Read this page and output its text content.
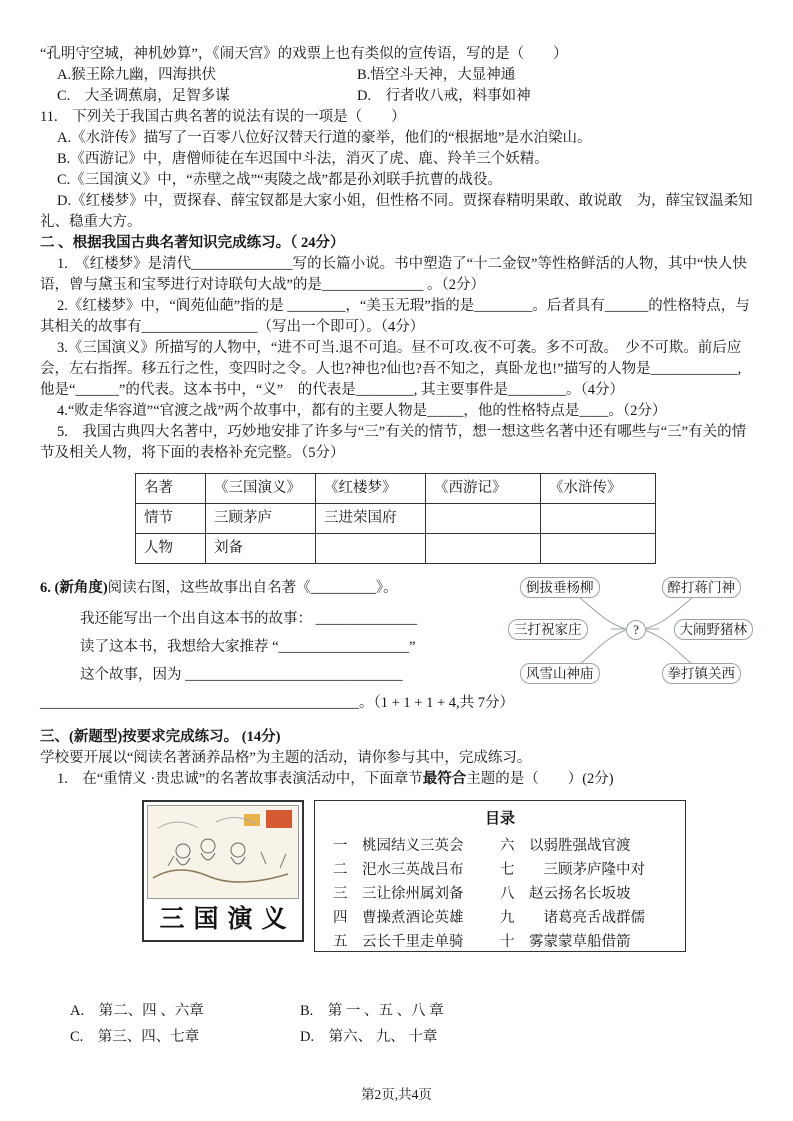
“孔明守空城，神机妙算”，《闹天宫》的戏票上也有类似的宣传语，写的是（　　）

A.猴王除九幽，四海拱伏	B.悟空斗天神，大显神通
C.　大圣调蕉扇，足智多谋	D.　行者收八戒，料事如神

11.　下列关于我国古典名著的说法有误的一项是（　　）

A.《水浒传》描写了一百零八位好汉替天行道的豪举，他们的“根据地”是水泊梁山。

B.《西游记》中，唐僧师徒在车迟国中斗法，消灭了虎、鹿、羚羊三个妖精。

C.《三国演义》中，“赤壁之战”“夷陵之战”都是孙刘联手抗曹的战役。

D.《红楼梦》中，贾探春、薛宝钗都是大家小姐，但性格不同。贾探春精明果敢、敢说敢　为，薛宝钗温柔知礼、稳重大方。

二 、根据我国古典名著知识完成练习。（ 24分）

1.　《红楼梦》是清代______________写的长篇小说。书中塑造了“十二金钗”等性格鲜活的人物，其中“快人快语，曾与黛玉和宝琴进行对诗联句大战”的是______________ 。（2分）

2.《红楼梦》中，“阆苑仙葩”指的是 ________，“美玉无瑕”指的是________。后者具有______的性格特点，与其相关的故事有________________（写出一个即可）。（4分）

3.《三国演义》所描写的人物中，“进不可当.退不可追。昼不可攻.夜不可袭。多不可敌。　少不可欺。前后应会，左右指挥。移五行之性，变四时之令。人也?神也?仙也?吾不知之，真卧龙也!”描写的人物是____________, 他是“______”的代表。这本书中，“义”　的代表是________, 其主要事件是________。（4分）

4.“败走华容道”“官渡之战”两个故事中，都有的主要人物是_____，他的性格特点是____。（2分）

5.　我国古典四大名著中，巧妙地安排了许多与“三”有关的情节，想一想这些名著中还有哪些与“三”有关的情节及相关人物，将下面的表格补充完整。（5分）

名著	《三国演义》	《红楼梦》	《西游记》	《水浒传》
情节	三顾茅庐	三进荣国府		
人物	刘备			

6. (新角度)阅读右图，这些故事出自名著《_________》。

我还能写出一个出自这本书的故事： ______________

读了这本书，我想给大家推荐 “__________________”

这个故事，因为 ______________________________

倒拔垂杨柳	醉打蒋门神
三打祝家庄	?	大闹野猪林
风雪山神庙	拳打镇关西

____________________________________________。（1 + 1 + 1 + 4,共 7分）

三、(新题型)按要求完成练习。 (14分)

学校要开展以“阅读名著涵养品格”为主题的活动，请你参与其中，完成练习。

1.　在“重情义 ·贵忠诚”的名著故事表演活动中，下面章节最符合主题的是（　　）(2分)

三国演义

目录

一　桃园结义三英会

二　汜水三英战吕布

三　三让徐州属刘备

四　曹操煮酒论英雄

五　云长千里走单骑

六　以弱胜强战官渡

七　　三顾茅庐隆中对

八　赵云扬名长坂坡

九　　诸葛亮舌战群儒

十　雾蒙蒙草船借箭

A.　第二、四 、六章	B.　第 一 、五 、八 章
C.　第三、四、七章	D.　第六、 九、 十章

第2页,共4页
